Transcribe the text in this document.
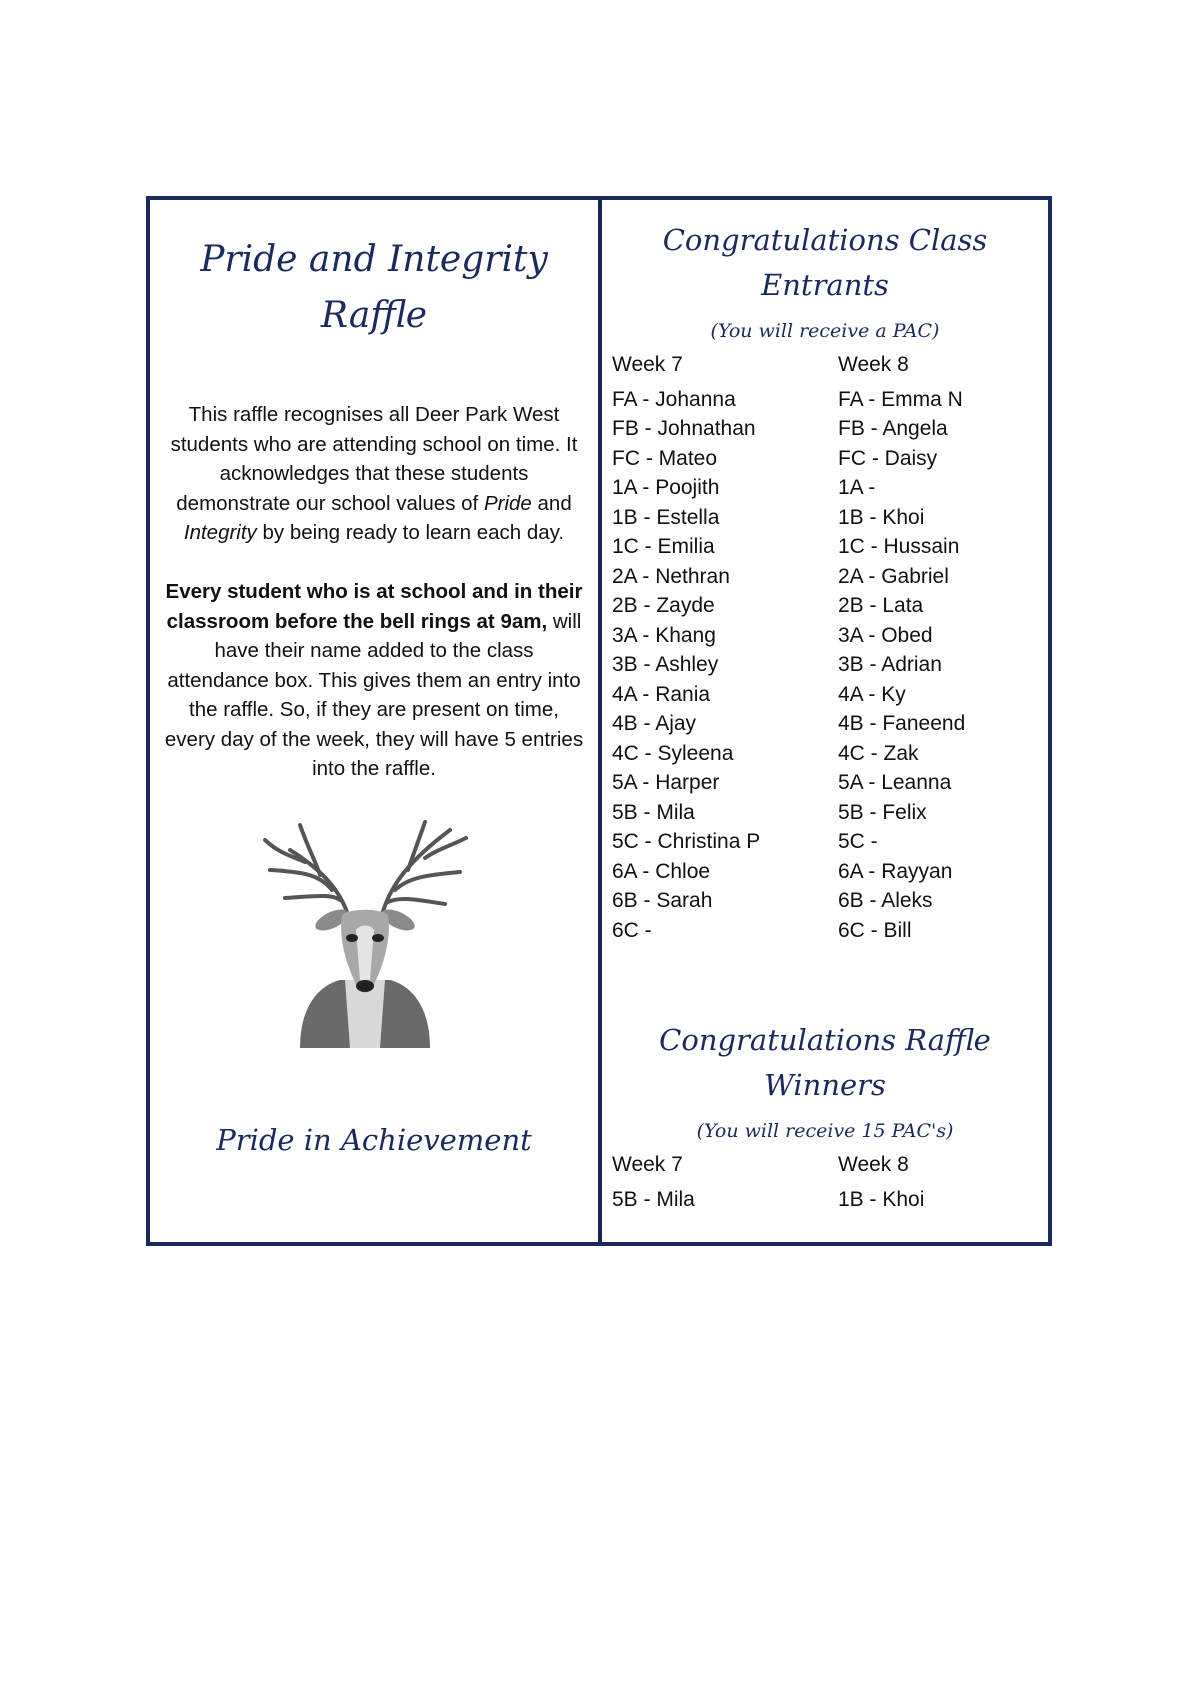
Pride and Integrity
Raffle

This raffle recognises all Deer Park West students who are attending school on time. It acknowledges that these students demonstrate our school values of Pride and Integrity by being ready to learn each day.

Every student who is at school and in their classroom before the bell rings at 9am, will have their name added to the class attendance box. This gives them an entry into the raffle. So, if they are present on time, every day of the week, they will have 5 entries into the raffle.

Pride in Achievement
Congratulations Class
Entrants
(You will receive a PAC)
Week 7
FA - Johanna
FB - Johnathan
FC - Mateo
1A - Poojith
1B - Estella
1C - Emilia
2A - Nethran
2B - Zayde
3A - Khang
3B - Ashley
4A - Rania
4B - Ajay
4C - Syleena
5A - Harper
5B - Mila
5C - Christina P
6A - Chloe
6B - Sarah
6C -
Week 8
FA - Emma N
FB - Angela
FC - Daisy
1A -
1B - Khoi
1C - Hussain
2A - Gabriel
2B - Lata
3A - Obed
3B - Adrian
4A - Ky
4B - Faneend
4C - Zak
5A - Leanna
5B - Felix
5C -
6A - Rayyan
6B - Aleks
6C - Bill
Congratulations Raffle
Winners
(You will receive 15 PAC's)
Week 7
5B - Mila
Week 8
1B - Khoi
